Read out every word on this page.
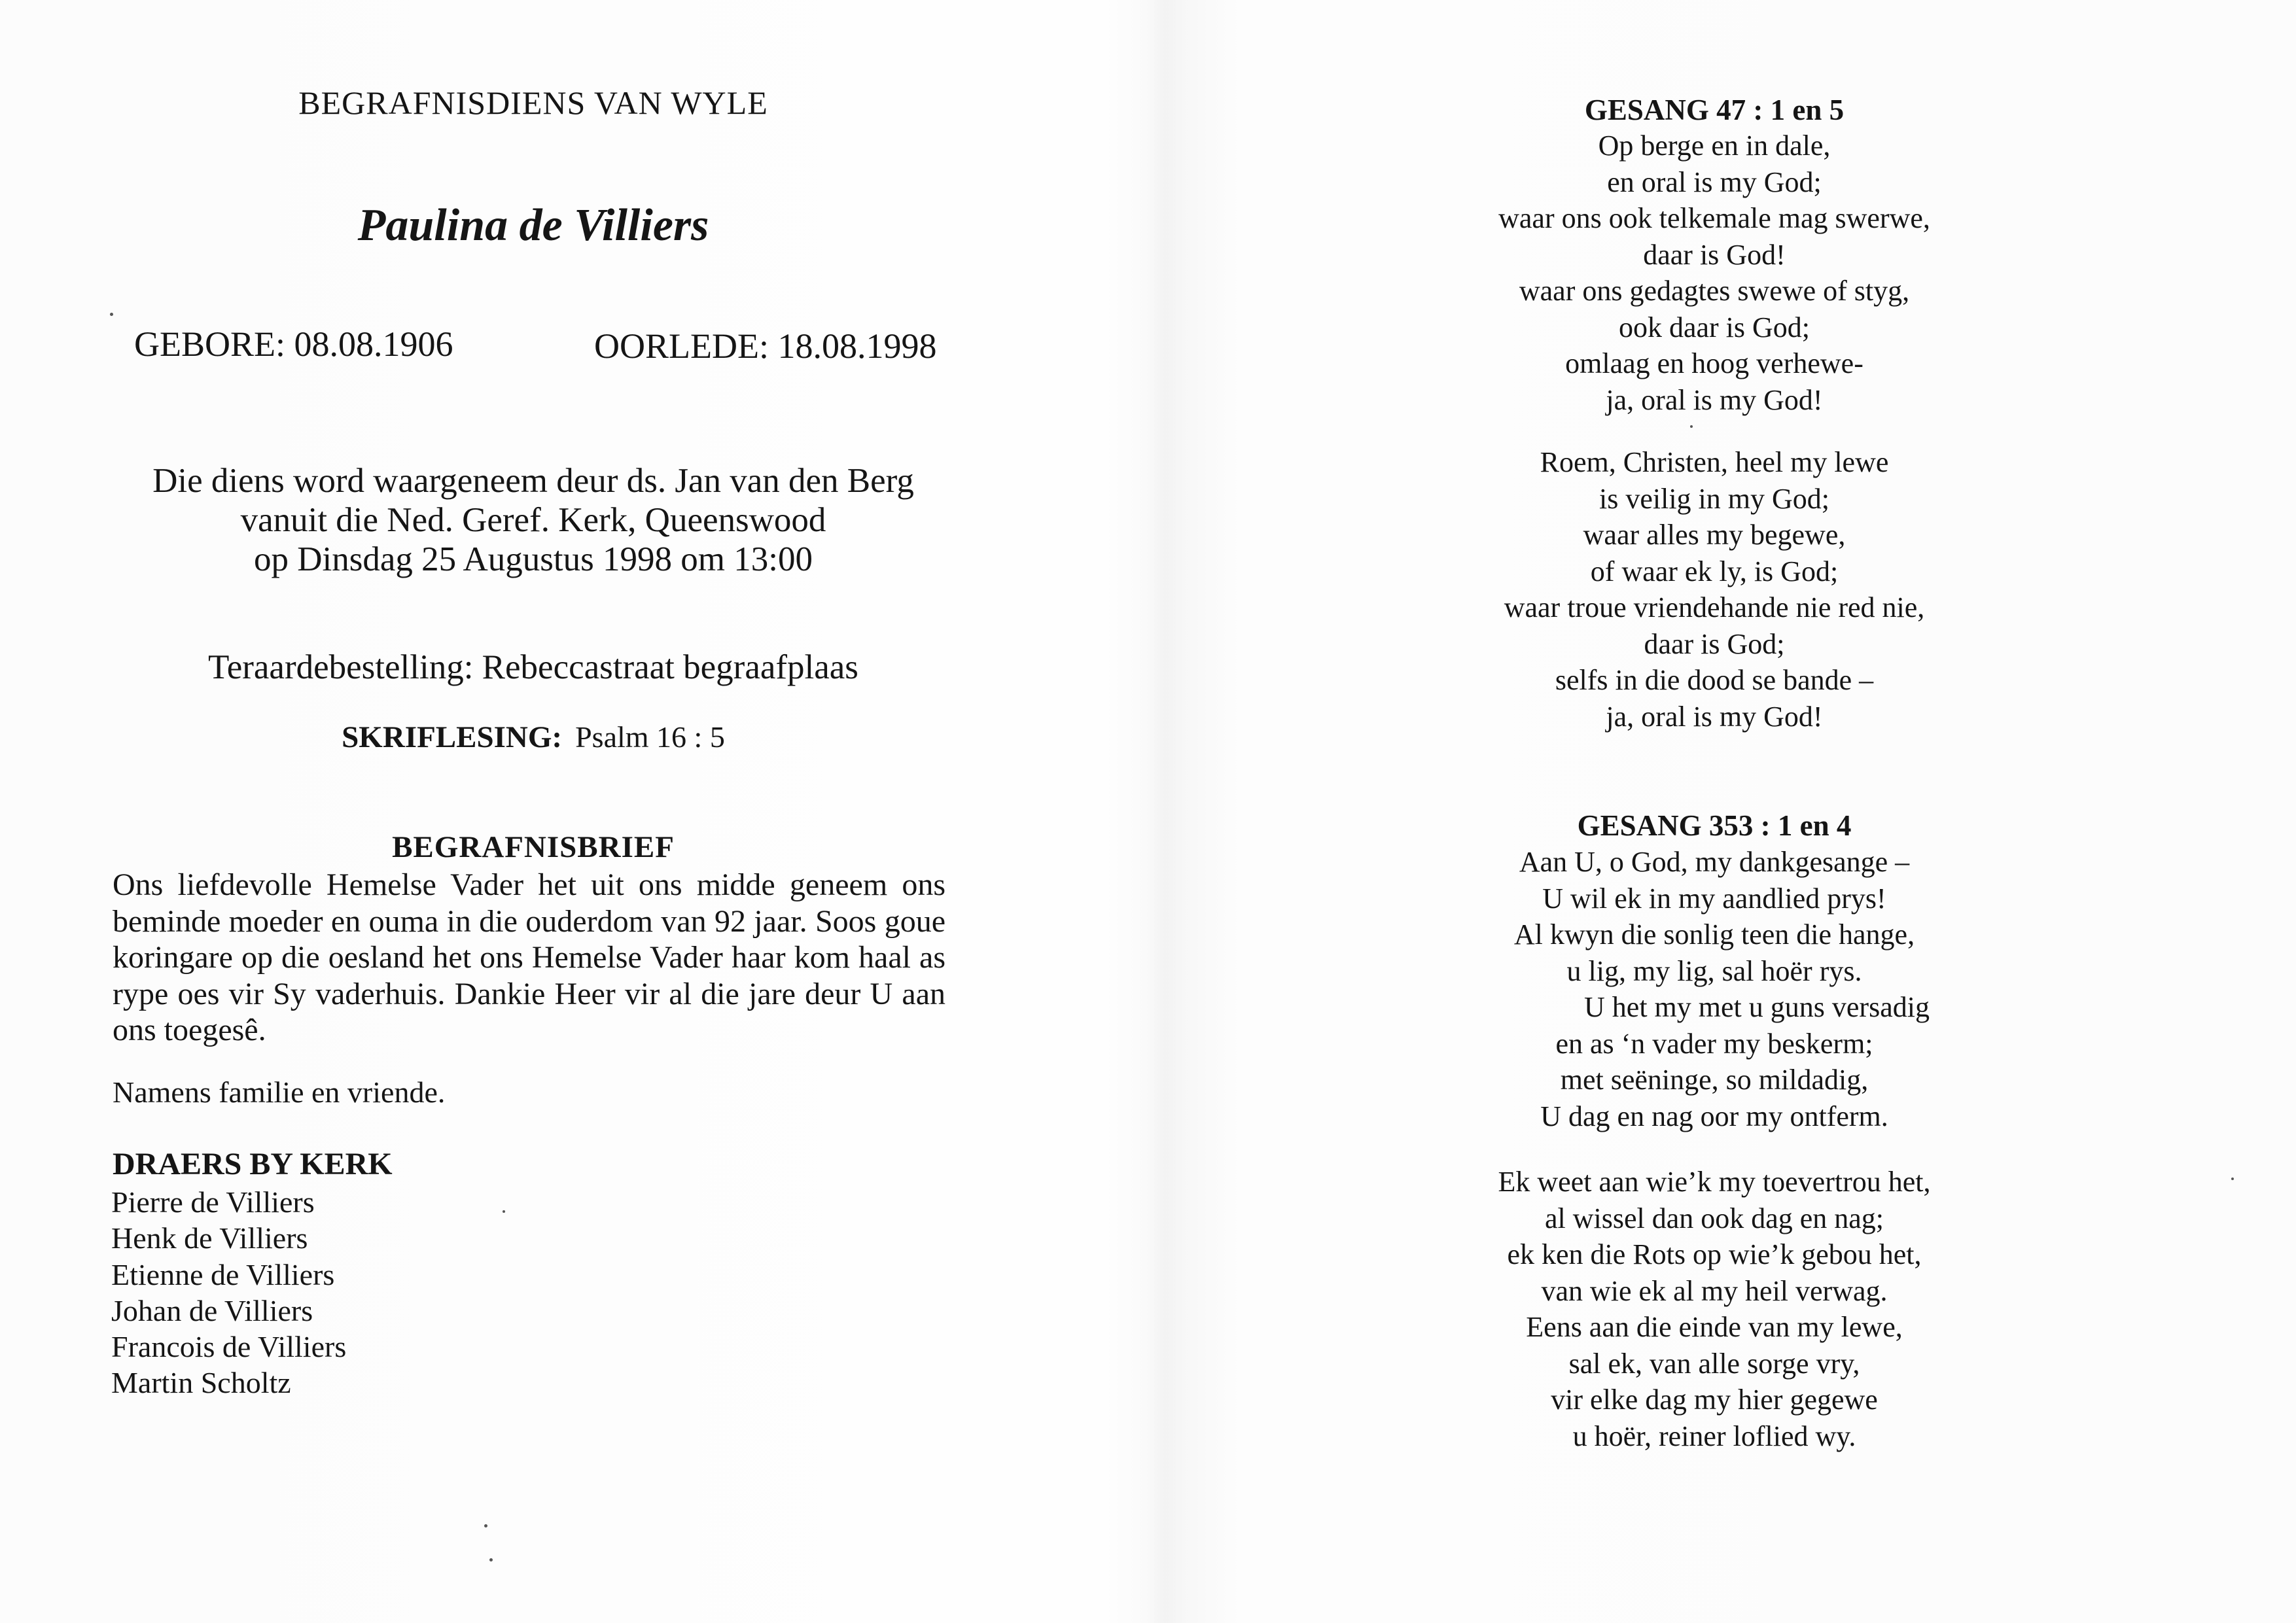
BEGRAFNISDIENS VAN WYLE
Paulina de Villiers
GEBORE: 08.08.1906	OORLEDE: 18.08.1998
Die diens word waargeneem deur ds. Jan van den Berg
vanuit die Ned. Geref. Kerk, Queenswood
op Dinsdag 25 Augustus 1998 om 13:00
Teraardebestelling: Rebeccastraat begraafplaas
SKRIFLESING: Psalm 16 : 5
BEGRAFNISBRIEF
Ons liefdevolle Hemelse Vader het uit ons midde geneem ons beminde moeder en ouma in die ouderdom van 92 jaar. Soos goue koringare op die oesland het ons Hemelse Vader haar kom haal as rype oes vir Sy vaderhuis. Dankie Heer vir al die jare deur U aan ons toegesê.
Namens familie en vriende.
DRAERS BY KERK
Pierre de Villiers
Henk de Villiers
Etienne de Villiers
Johan de Villiers
Francois de Villiers
Martin Scholtz
GESANG 47 : 1 en 5
Op berge en in dale,
en oral is my God;
waar ons ook telkemale mag swerwe,
daar is God!
waar ons gedagtes swewe of styg,
ook daar is God;
omlaag en hoog verhewe-
ja, oral is my God!
Roem, Christen, heel my lewe
is veilig in my God;
waar alles my begewe,
of waar ek ly, is God;
waar troue vriendehande nie red nie,
daar is God;
selfs in die dood se bande –
ja, oral is my God!
GESANG 353 : 1 en 4
Aan U, o God, my dankgesange –
U wil ek in my aandlied prys!
Al kwyn die sonlig teen die hange,
u lig, my lig, sal hoër rys.
U het my met u guns versadig
en as ‘n vader my beskerm;
met seëninge, so mildadig,
U dag en nag oor my ontferm.
Ek weet aan wie’k my toevertrou het,
al wissel dan ook dag en nag;
ek ken die Rots op wie’k gebou het,
van wie ek al my heil verwag.
Eens aan die einde van my lewe,
sal ek, van alle sorge vry,
vir elke dag my hier gegewe
u hoër, reiner loflied wy.
